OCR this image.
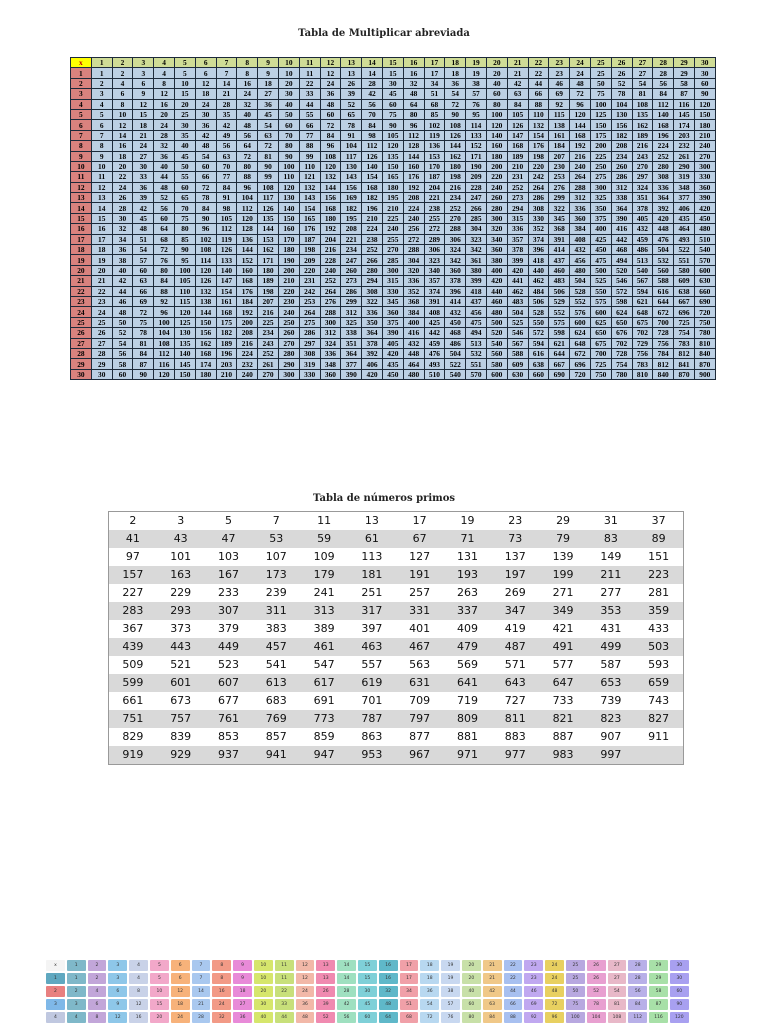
Tabla de Multiplicar abreviada
x	1	2	3	4	5	6	7	8	9	10	11	12	13	14	15	16	17	18	19	20	21	22	23	24	25	26	27	28	29	30
1	1	2	3	4	5	6	7	8	9	10	11	12	13	14	15	16	17	18	19	20	21	22	23	24	25	26	27	28	29	30
2	2	4	6	8	10	12	14	16	18	20	22	24	26	28	30	32	34	36	38	40	42	44	46	48	50	52	54	56	58	60
3	3	6	9	12	15	18	21	24	27	30	33	36	39	42	45	48	51	54	57	60	63	66	69	72	75	78	81	84	87	90
4	4	8	12	16	20	24	28	32	36	40	44	48	52	56	60	64	68	72	76	80	84	88	92	96	100	104	108	112	116	120
5	5	10	15	20	25	30	35	40	45	50	55	60	65	70	75	80	85	90	95	100	105	110	115	120	125	130	135	140	145	150
6	6	12	18	24	30	36	42	48	54	60	66	72	78	84	90	96	102	108	114	120	126	132	138	144	150	156	162	168	174	180
7	7	14	21	28	35	42	49	56	63	70	77	84	91	98	105	112	119	126	133	140	147	154	161	168	175	182	189	196	203	210
8	8	16	24	32	40	48	56	64	72	80	88	96	104	112	120	128	136	144	152	160	168	176	184	192	200	208	216	224	232	240
9	9	18	27	36	45	54	63	72	81	90	99	108	117	126	135	144	153	162	171	180	189	198	207	216	225	234	243	252	261	270
10	10	20	30	40	50	60	70	80	90	100	110	120	130	140	150	160	170	180	190	200	210	220	230	240	250	260	270	280	290	300
11	11	22	33	44	55	66	77	88	99	110	121	132	143	154	165	176	187	198	209	220	231	242	253	264	275	286	297	308	319	330
12	12	24	36	48	60	72	84	96	108	120	132	144	156	168	180	192	204	216	228	240	252	264	276	288	300	312	324	336	348	360
13	13	26	39	52	65	78	91	104	117	130	143	156	169	182	195	208	221	234	247	260	273	286	299	312	325	338	351	364	377	390
14	14	28	42	56	70	84	98	112	126	140	154	168	182	196	210	224	238	252	266	280	294	308	322	336	350	364	378	392	406	420
15	15	30	45	60	75	90	105	120	135	150	165	180	195	210	225	240	255	270	285	300	315	330	345	360	375	390	405	420	435	450
16	16	32	48	64	80	96	112	128	144	160	176	192	208	224	240	256	272	288	304	320	336	352	368	384	400	416	432	448	464	480
17	17	34	51	68	85	102	119	136	153	170	187	204	221	238	255	272	289	306	323	340	357	374	391	408	425	442	459	476	493	510
18	18	36	54	72	90	108	126	144	162	180	198	216	234	252	270	288	306	324	342	360	378	396	414	432	450	468	486	504	522	540
19	19	38	57	76	95	114	133	152	171	190	209	228	247	266	285	304	323	342	361	380	399	418	437	456	475	494	513	532	551	570
20	20	40	60	80	100	120	140	160	180	200	220	240	260	280	300	320	340	360	380	400	420	440	460	480	500	520	540	560	580	600
21	21	42	63	84	105	126	147	168	189	210	231	252	273	294	315	336	357	378	399	420	441	462	483	504	525	546	567	588	609	630
22	22	44	66	88	110	132	154	176	198	220	242	264	286	308	330	352	374	396	418	440	462	484	506	528	550	572	594	616	638	660
23	23	46	69	92	115	138	161	184	207	230	253	276	299	322	345	368	391	414	437	460	483	506	529	552	575	598	621	644	667	690
24	24	48	72	96	120	144	168	192	216	240	264	288	312	336	360	384	408	432	456	480	504	528	552	576	600	624	648	672	696	720
25	25	50	75	100	125	150	175	200	225	250	275	300	325	350	375	400	425	450	475	500	525	550	575	600	625	650	675	700	725	750
26	26	52	78	104	130	156	182	208	234	260	286	312	338	364	390	416	442	468	494	520	546	572	598	624	650	676	702	728	754	780
27	27	54	81	108	135	162	189	216	243	270	297	324	351	378	405	432	459	486	513	540	567	594	621	648	675	702	729	756	783	810
28	28	56	84	112	140	168	196	224	252	280	308	336	364	392	420	448	476	504	532	560	588	616	644	672	700	728	756	784	812	840
29	29	58	87	116	145	174	203	232	261	290	319	348	377	406	435	464	493	522	551	580	609	638	667	696	725	754	783	812	841	870
30	30	60	90	120	150	180	210	240	270	300	330	360	390	420	450	480	510	540	570	600	630	660	690	720	750	780	810	840	870	900
Tabla de números primos
2	3	5	7	11	13	17	19	23	29	31	37
41	43	47	53	59	61	67	71	73	79	83	89
97	101	103	107	109	113	127	131	137	139	149	151
157	163	167	173	179	181	191	193	197	199	211	223
227	229	233	239	241	251	257	263	269	271	277	281
283	293	307	311	313	317	331	337	347	349	353	359
367	373	379	383	389	397	401	409	419	421	431	433
439	443	449	457	461	463	467	479	487	491	499	503
509	521	523	541	547	557	563	569	571	577	587	593
599	601	607	613	617	619	631	641	643	647	653	659
661	673	677	683	691	701	709	719	727	733	739	743
751	757	761	769	773	787	797	809	811	821	823	827
829	839	853	857	859	863	877	881	883	887	907	911
919	929	937	941	947	953	967	971	977	983	997	
x	1	2	3	4	5	6	7	8	9	10	11	12	13	14	15	16	17	18	19	20	21	22	23	24	25	26	27	28	29	30
1	1	2	3	4	5	6	7	8	9	10	11	12	13	14	15	16	17	18	19	20	21	22	23	24	25	26	27	28	29	30
2	2	4	6	8	10	12	14	16	18	20	22	24	26	28	30	32	34	36	38	40	42	44	46	48	50	52	54	56	58	60
3	3	6	9	12	15	18	21	24	27	30	33	36	39	42	45	48	51	54	57	60	63	66	69	72	75	78	81	84	87	90
4	4	8	12	16	20	24	28	32	36	40	44	48	52	56	60	64	68	72	76	80	84	88	92	96	100	104	108	112	116	120
